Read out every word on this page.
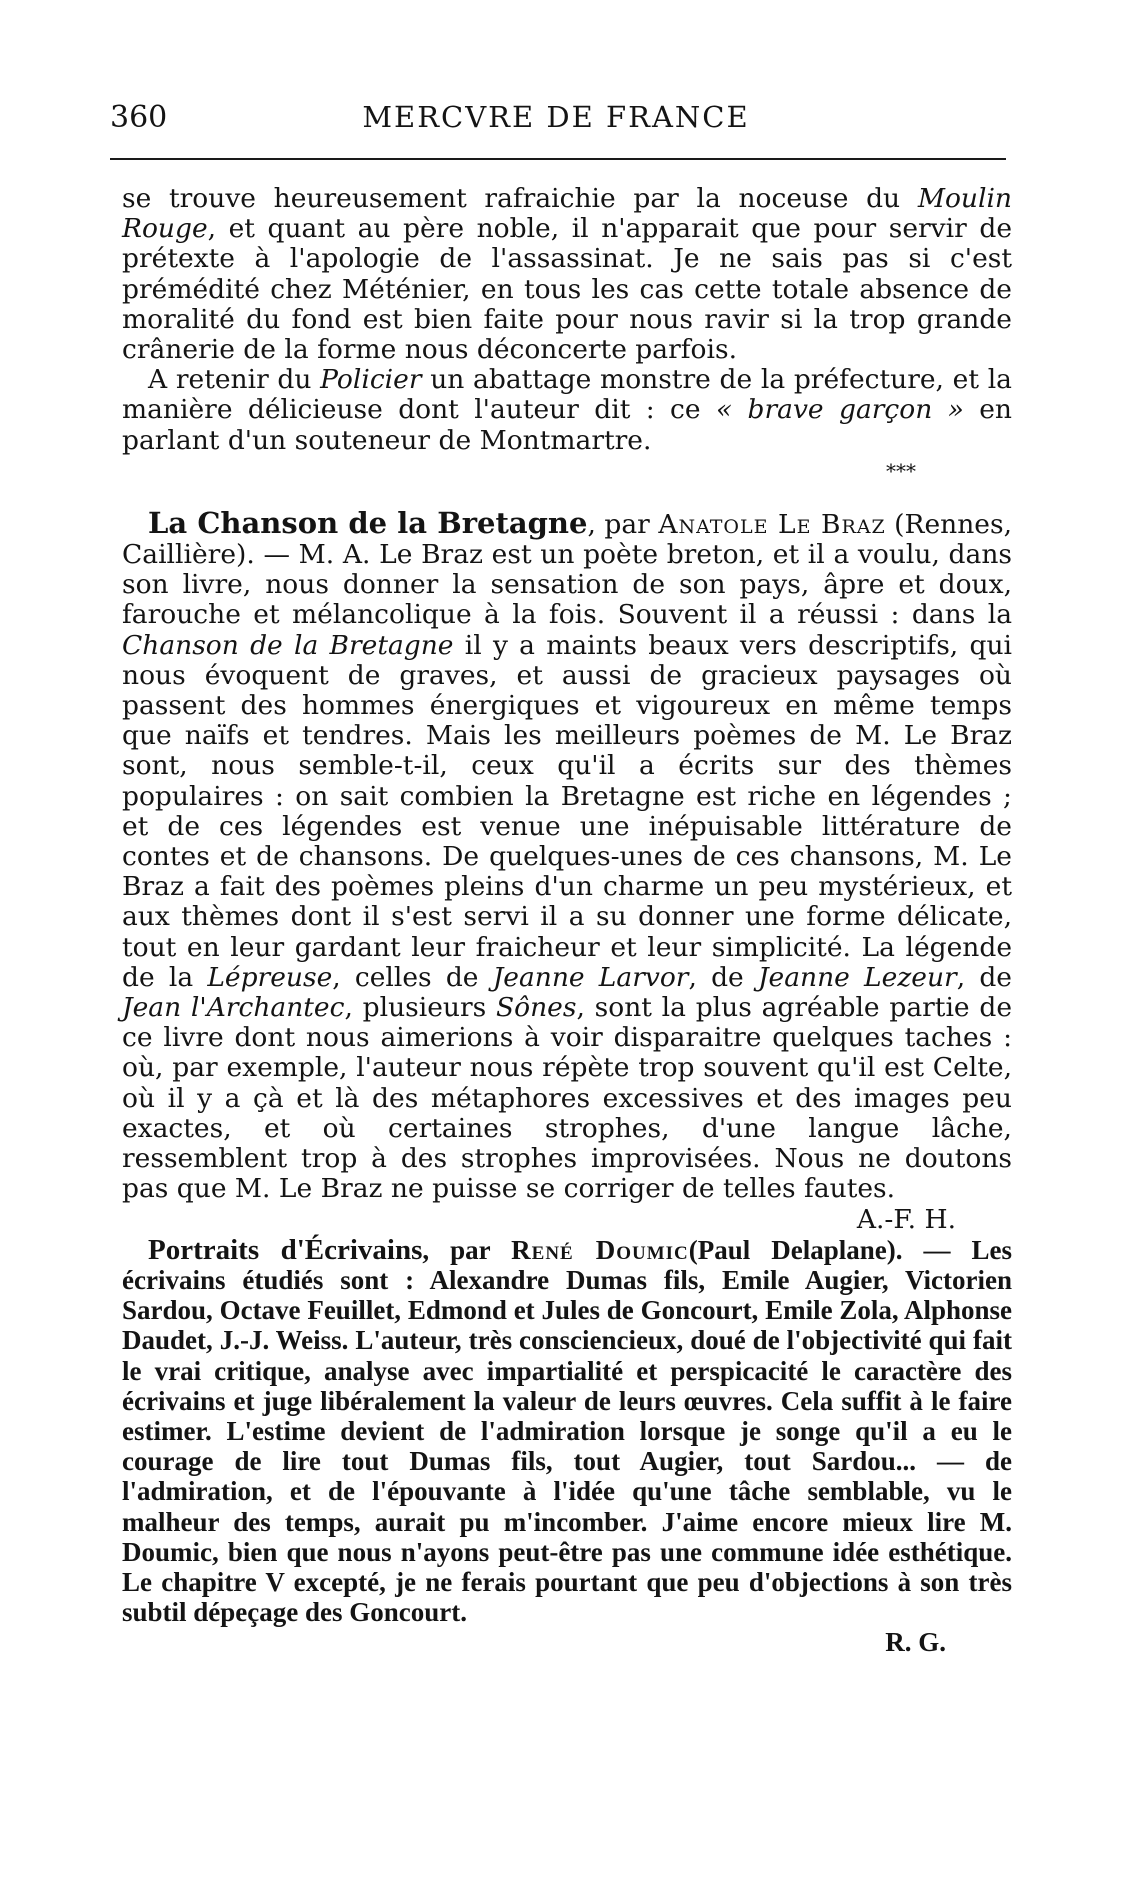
360	MERCVRE DE FRANCE

se trouve heureusement rafraichie par la noceuse du Moulin Rouge, et quant au père noble, il n'apparait que pour servir de prétexte à l'apologie de l'assassinat. Je ne sais pas si c'est prémédité chez Méténier, en tous les cas cette totale absence de moralité du fond est bien faite pour nous ravir si la trop grande crânerie de la forme nous déconcerte parfois.

A retenir du Policier un abattage monstre de la préfecture, et la manière délicieuse dont l'auteur dit : ce « brave garçon » en parlant d'un souteneur de Montmartre.

***

La Chanson de la Bretagne, par Anatole Le Braz (Rennes, Caillière). — M. A. Le Braz est un poète breton, et il a voulu, dans son livre, nous donner la sensation de son pays, âpre et doux, farouche et mélancolique à la fois. Souvent il a réussi : dans la Chanson de la Bretagne il y a maints beaux vers descriptifs, qui nous évoquent de graves, et aussi de gracieux paysages où passent des hommes énergiques et vigoureux en même temps que naïfs et tendres. Mais les meilleurs poèmes de M. Le Braz sont, nous semble-t-il, ceux qu'il a écrits sur des thèmes populaires : on sait combien la Bretagne est riche en légendes ; et de ces légendes est venue une inépuisable littérature de contes et de chansons. De quelques-unes de ces chansons, M. Le Braz a fait des poèmes pleins d'un charme un peu mystérieux, et aux thèmes dont il s'est servi il a su donner une forme délicate, tout en leur gardant leur fraicheur et leur simplicité. La légende de la Lépreuse, celles de Jeanne Larvor, de Jeanne Lezeur, de Jean l'Archantec, plusieurs Sônes, sont la plus agréable partie de ce livre dont nous aimerions à voir disparaitre quelques taches : où, par exemple, l'auteur nous répète trop souvent qu'il est Celte, où il y a çà et là des métaphores excessives et des images peu exactes, et où certaines strophes, d'une langue lâche, ressemblent trop à des strophes improvisées. Nous ne doutons pas que M. Le Braz ne puisse se corriger de telles fautes.

A.-F. H.

Portraits d'Écrivains, par René Doumic(Paul Delaplane). — Les écrivains étudiés sont : Alexandre Dumas fils, Emile Augier, Victorien Sardou, Octave Feuillet, Edmond et Jules de Goncourt, Emile Zola, Alphonse Daudet, J.-J. Weiss. L'auteur, très consciencieux, doué de l'objectivité qui fait le vrai critique, analyse avec impartialité et perspicacité le caractère des écrivains et juge libéralement la valeur de leurs œuvres. Cela suffit à le faire estimer. L'estime devient de l'admiration lorsque je songe qu'il a eu le courage de lire tout Dumas fils, tout Augier, tout Sardou... — de l'admiration, et de l'épouvante à l'idée qu'une tâche semblable, vu le malheur des temps, aurait pu m'incomber. J'aime encore mieux lire M. Doumic, bien que nous n'ayons peut-être pas une commune idée esthétique. Le chapitre V excepté, je ne ferais pourtant que peu d'objections à son très subtil dépeçage des Goncourt.

R. G.
